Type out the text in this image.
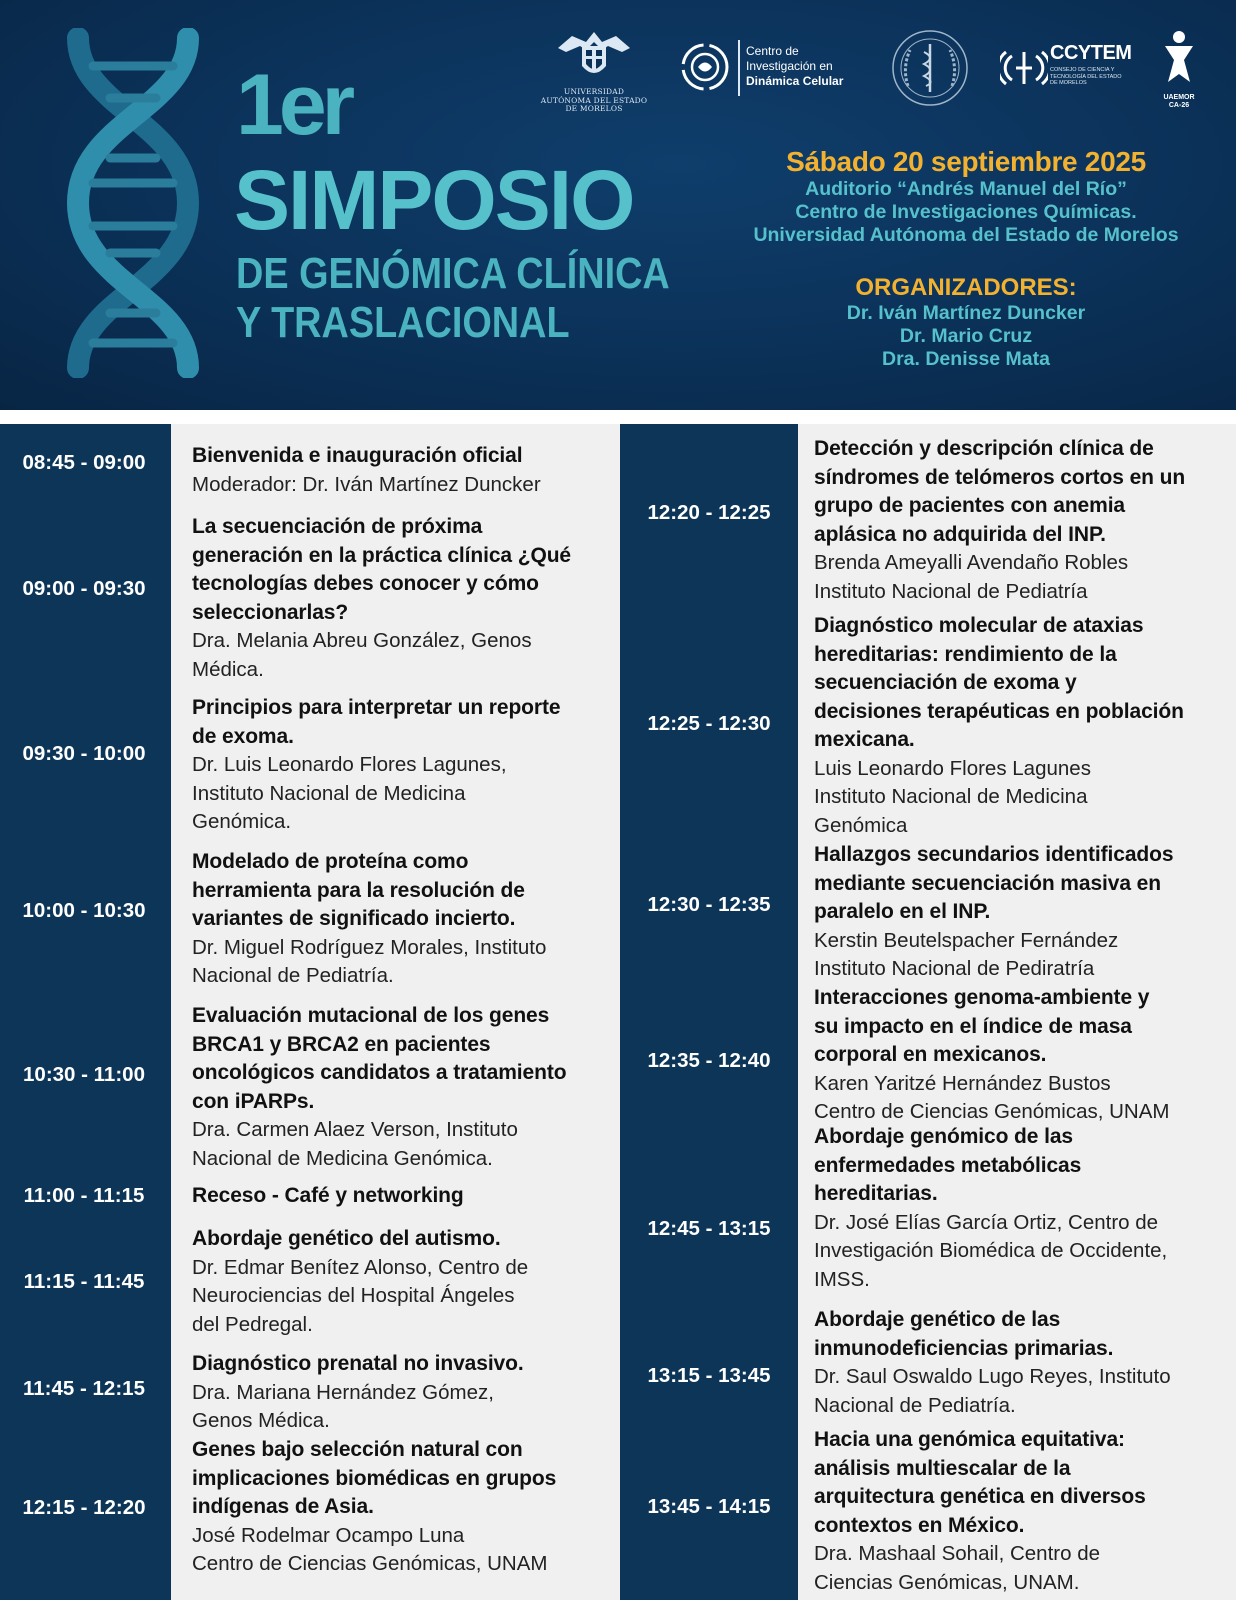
1er
SIMPOSIO
DE GENÓMICA CLÍNICA
Y TRASLACIONAL
UNIVERSIDAD AUTÓNOMA DEL ESTADO DE MORELOS
Centro de
Investigación en
Dinámica Celular
CCYTEM
CONSEJO DE CIENCIA Y TECNOLOGÍA DEL ESTADO DE MORELOS
UAEMOR
CA-26
Sábado 20 septiembre 2025
Auditorio “Andrés Manuel del Río”
Centro de Investigaciones Químicas.
Universidad Autónoma del Estado de Morelos
ORGANIZADORES:
Dr. Iván Martínez Duncker
Dr. Mario Cruz
Dra. Denisse Mata
08:45 - 09:00	Bienvenida e inauguración oficial
Moderador: Dr. Iván Martínez Duncker
09:00 - 09:30
La secuenciación de próxima
generación en la práctica clínica ¿Qué
tecnologías debes conocer y cómo
seleccionarlas?
Dra. Melania Abreu González, Genos
Médica.
09:30 - 10:00
Principios para interpretar un reporte
de exoma.
Dr. Luis Leonardo Flores Lagunes,
Instituto Nacional de Medicina
Genómica.
10:00 - 10:30
Modelado de proteína como
herramienta para la resolución de
variantes de significado incierto.
Dr. Miguel Rodríguez Morales, Instituto
Nacional de Pediatría.
10:30 - 11:00
Evaluación mutacional de los genes
BRCA1 y BRCA2 en pacientes
oncológicos candidatos a tratamiento
con iPARPs.
Dra. Carmen Alaez Verson, Instituto
Nacional de Medicina Genómica.
11:00 - 11:15	Receso - Café y networking
11:15 - 11:45
Abordaje genético del autismo.
Dr. Edmar Benítez Alonso, Centro de
Neurociencias del Hospital Ángeles
del Pedregal.
11:45 - 12:15
Diagnóstico prenatal no invasivo.
Dra. Mariana Hernández Gómez,
Genos Médica.
12:15 - 12:20
Genes bajo selección natural con
implicaciones biomédicas en grupos
indígenas de Asia.
José Rodelmar Ocampo Luna
Centro de Ciencias Genómicas, UNAM
12:20 - 12:25
Detección y descripción clínica de
síndromes de telómeros cortos en un
grupo de pacientes con anemia
aplásica no adquirida del INP.
Brenda Ameyalli Avendaño Robles
Instituto Nacional de Pediatría
12:25 - 12:30
Diagnóstico molecular de ataxias
hereditarias: rendimiento de la
secuenciación de exoma y
decisiones terapéuticas en población
mexicana.
Luis Leonardo Flores Lagunes
Instituto Nacional de Medicina
Genómica
12:30 - 12:35
Hallazgos secundarios identificados
mediante secuenciación masiva en
paralelo en el INP.
Kerstin Beutelspacher Fernández
Instituto Nacional de Pediratría
12:35 - 12:40
Interacciones genoma-ambiente y
su impacto en el índice de masa
corporal en mexicanos.
Karen Yaritzé Hernández Bustos
Centro de Ciencias Genómicas, UNAM
12:45 - 13:15
Abordaje genómico de las
enfermedades metabólicas
hereditarias.
Dr. José Elías García Ortiz, Centro de
Investigación Biomédica de Occidente,
IMSS.
13:15 - 13:45
Abordaje genético de las
inmunodeficiencias primarias.
Dr. Saul Oswaldo Lugo Reyes, Instituto
Nacional de Pediatría.
13:45 - 14:15
Hacia una genómica equitativa:
análisis multiescalar de la
arquitectura genética en diversos
contextos en México.
Dra. Mashaal Sohail, Centro de
Ciencias Genómicas, UNAM.
